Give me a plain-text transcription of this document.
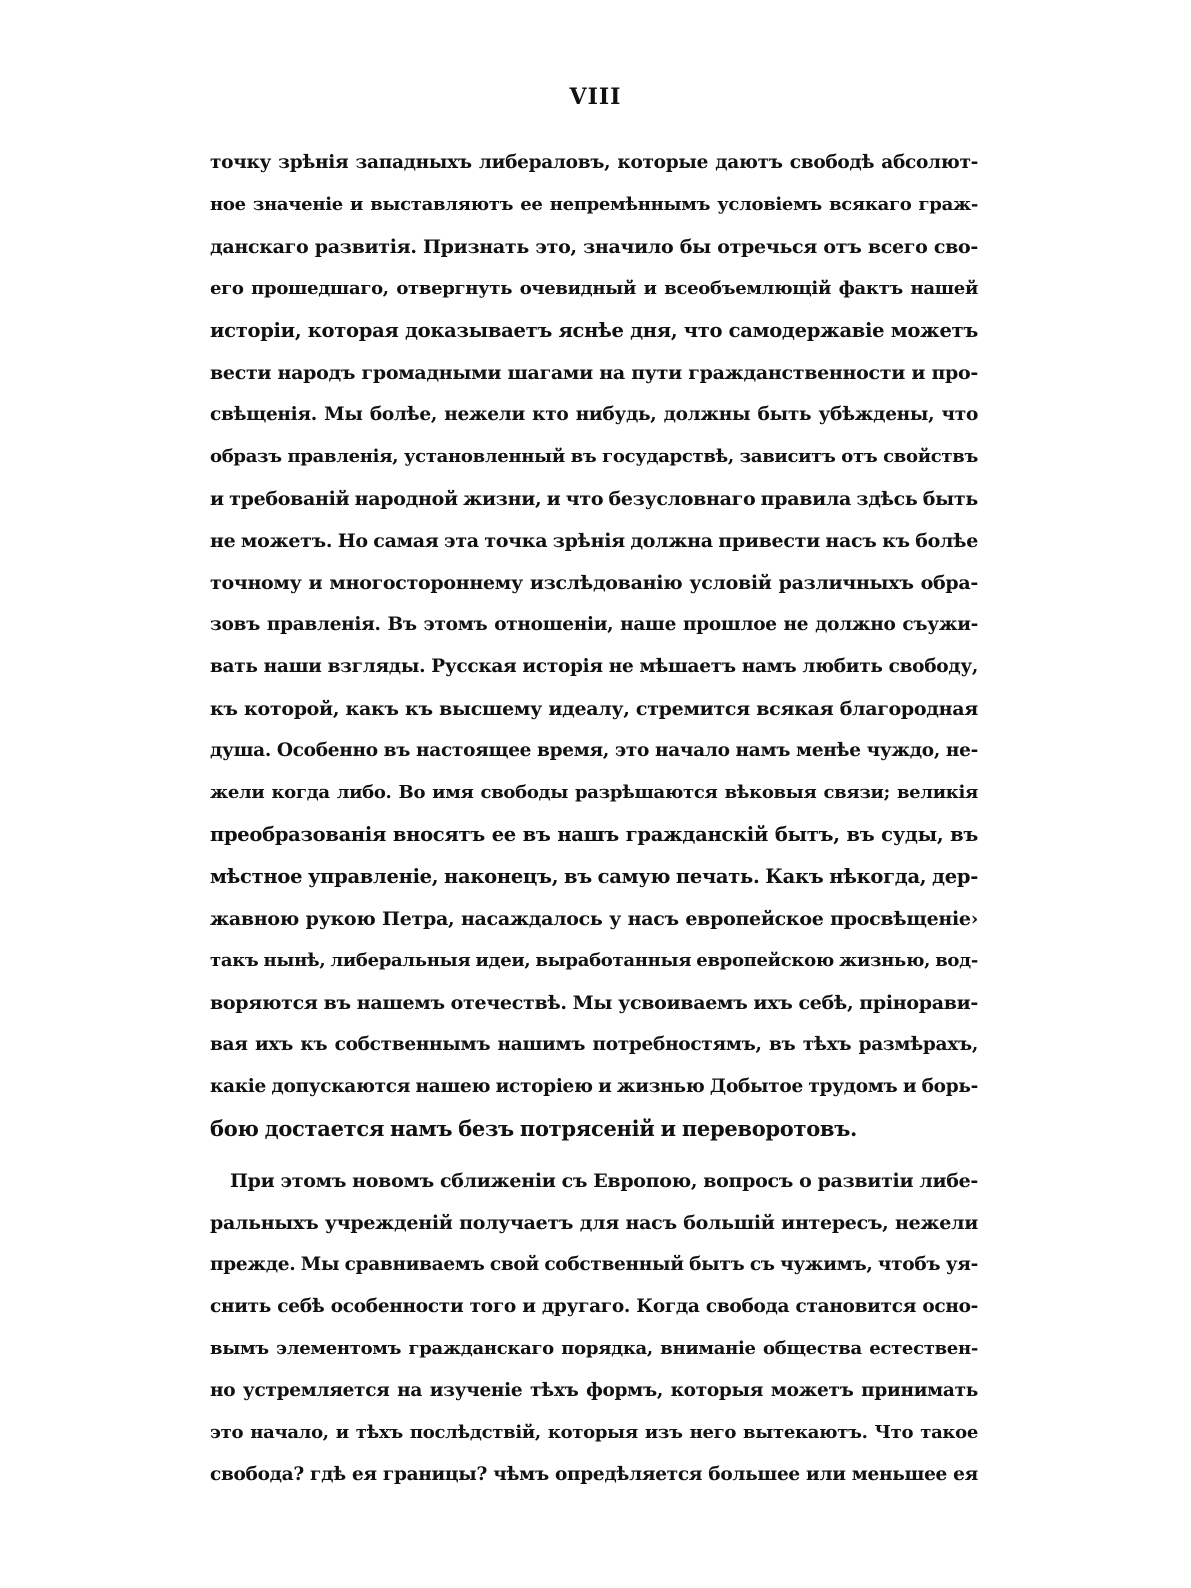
VIII
точку зрѣнія западныхъ либераловъ, которые даютъ свободѣ абсолют-
ное значеніе и выставляютъ ее непремѣннымъ условіемъ всякаго граж-
данскаго развитія. Признать это, значило бы отречься отъ всего сво-
его прошедшаго, отвергнуть очевидный и всеобъемлющій фактъ нашей
исторіи, которая доказываетъ яснѣе дня, что самодержавіе можетъ
вести народъ громадными шагами на пути гражданственности и про-
свѣщенія. Мы болѣе, нежели кто нибудь, должны быть убѣждены, что
образъ правленія, установленный въ государствѣ, зависитъ отъ свойствъ
и требованій народной жизни, и что безусловнаго правила здѣсь быть
не можетъ. Но самая эта точка зрѣнія должна привести насъ къ болѣе
точному и многостороннему изслѣдованію условій различныхъ обра-
зовъ правленія. Въ этомъ отношеніи, наше прошлое не должно съужи-
вать наши взгляды. Русская исторія не мѣшаетъ намъ любить свободу,
къ которой, какъ къ высшему идеалу, стремится всякая благородная
душа. Особенно въ настоящее время, это начало намъ менѣе чуждо, не-
жели когда либо. Во имя свободы разрѣшаются вѣковыя связи; великія
преобразованія вносятъ ее въ нашъ гражданскій бытъ, въ суды, въ
мѣстное управленіе, наконецъ, въ самую печать. Какъ нѣкогда, дер-
жавною рукою Петра, насаждалось у насъ европейское просвѣщеніе›
такъ нынѣ, либеральныя идеи, выработанныя европейскою жизнью, вод-
воряются въ нашемъ отечествѣ. Мы усвоиваемъ ихъ себѣ, прінорави-
вая ихъ къ собственнымъ нашимъ потребностямъ, въ тѣхъ размѣрахъ,
какіе допускаются нашею исторіею и жизнью Добытое трудомъ и борь-
бою достается намъ безъ потрясеній и переворотовъ.
При этомъ новомъ сближеніи съ Европою, вопросъ о развитіи либе-
ральныхъ учрежденій получаетъ для насъ большій интересъ, нежели
прежде. Мы сравниваемъ свой собственный бытъ съ чужимъ, чтобъ уя-
снить себѣ особенности того и другаго. Когда свобода становится осно-
вымъ элементомъ гражданскаго порядка, вниманіе общества естествен-
но устремляется на изученіе тѣхъ формъ, которыя можетъ принимать
это начало, и тѣхъ послѣдствій, которыя изъ него вытекаютъ. Что такое
свобода? гдѣ ея границы? чѣмъ опредѣляется большее или меньшее ея
